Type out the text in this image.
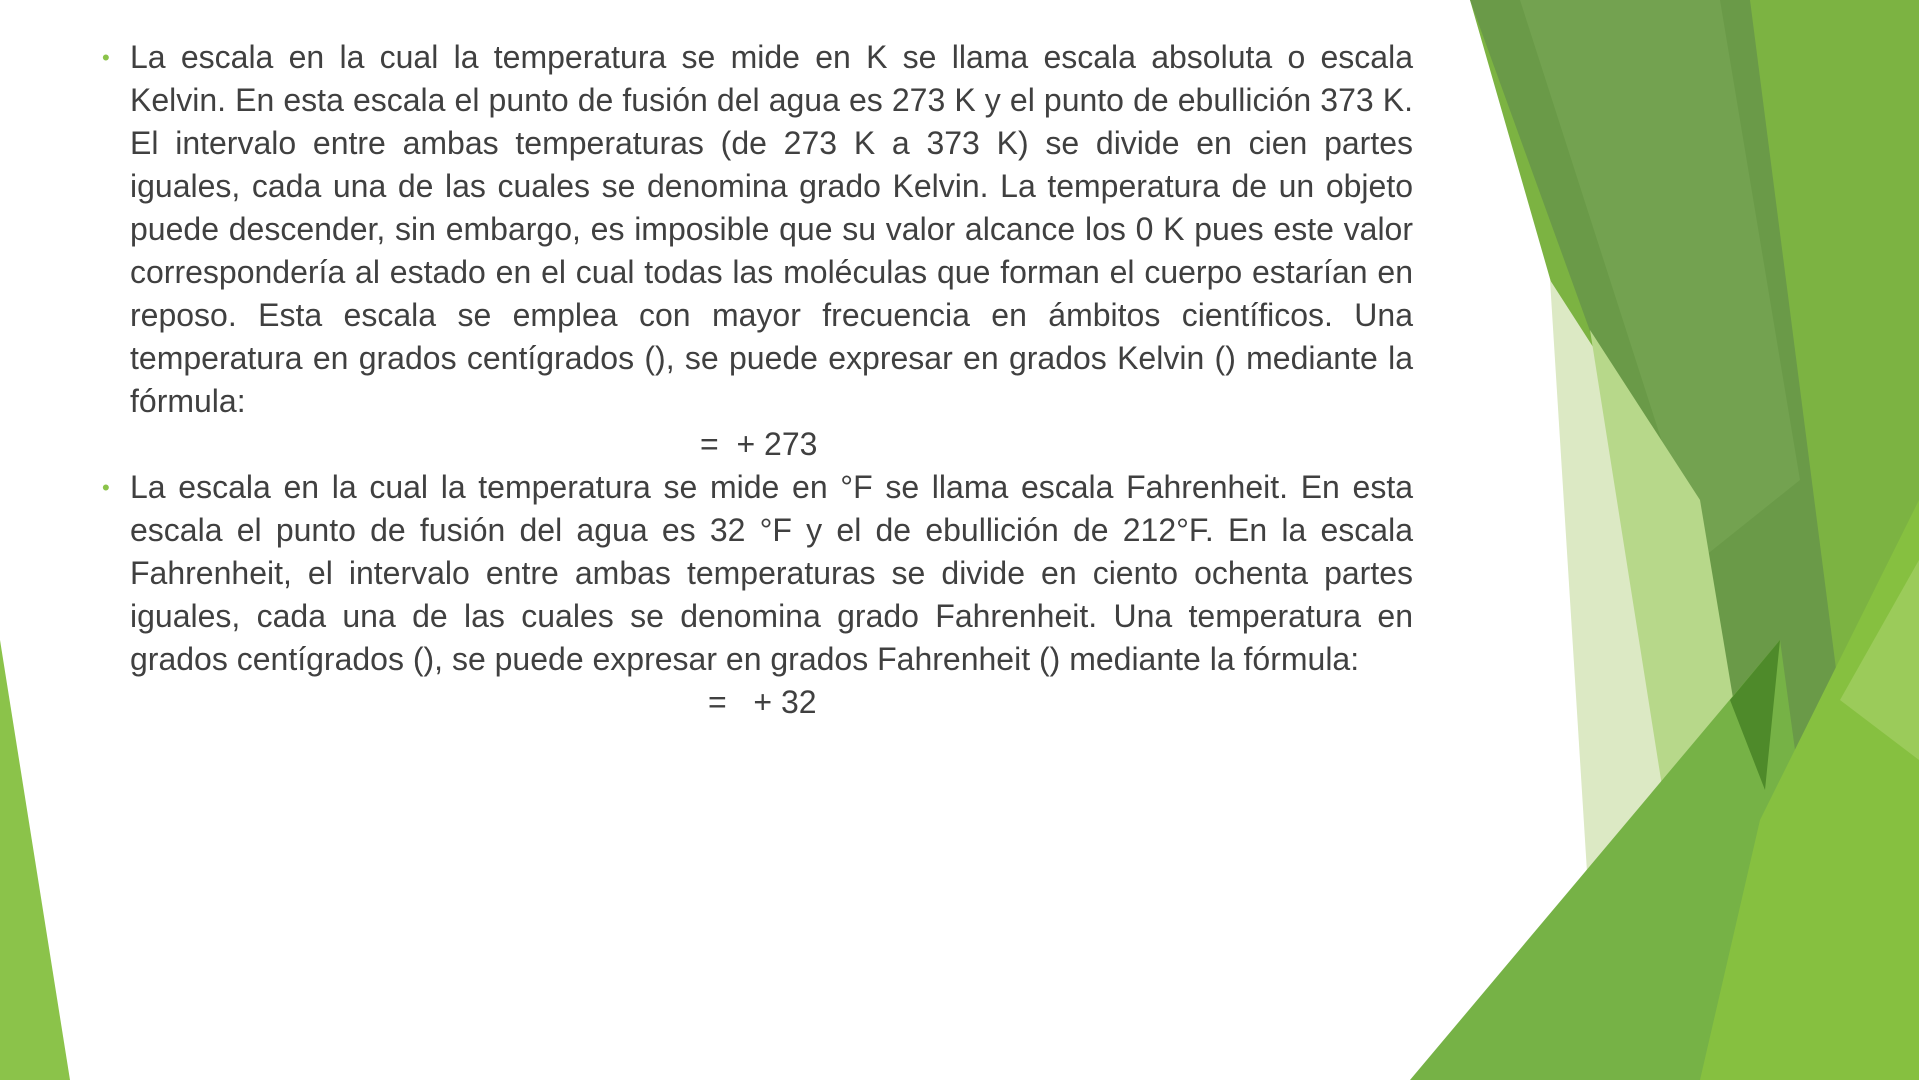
• La escala en la cual la temperatura se mide en K se llama escala absoluta o escala Kelvin. En esta escala el punto de fusión del agua es 273 K y el punto de ebullición 373 K. El intervalo entre ambas temperaturas (de 273 K a 373 K) se divide en cien partes iguales, cada una de las cuales se denomina grado Kelvin. La temperatura de un objeto puede descender, sin embargo, es imposible que su valor alcance los 0 K pues este valor correspondería al estado en el cual todas las moléculas que forman el cuerpo estarían en reposo. Esta escala se emplea con mayor frecuencia en ámbitos científicos. Una temperatura en grados centígrados (), se puede expresar en grados Kelvin () mediante la fórmula:
=  + 273
• La escala en la cual la temperatura se mide en °F se llama escala Fahrenheit. En esta escala el punto de fusión del agua es 32 °F y el de ebullición de 212°F. En la escala Fahrenheit, el intervalo entre ambas temperaturas se divide en ciento ochenta partes iguales, cada una de las cuales se denomina grado Fahrenheit. Una temperatura en grados centígrados (), se puede expresar en grados Fahrenheit () mediante la fórmula:
=   + 32
